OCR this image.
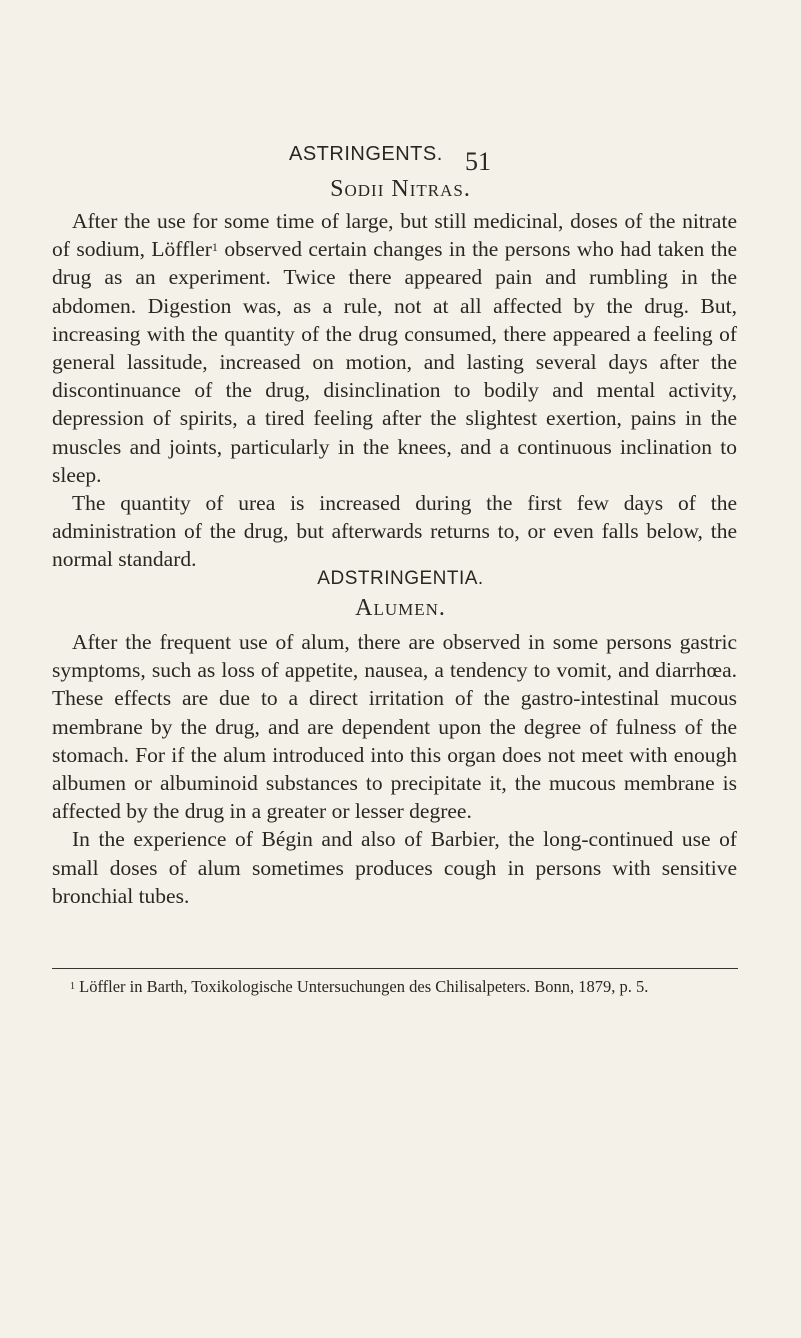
ASTRINGENTS. 51
Sodii Nitras.

After the use for some time of large, but still medicinal, doses of the nitrate of sodium, Löffler$^1$ observed certain changes in the persons who had taken the drug as an experiment. Twice there appeared pain and rumbling in the abdomen. Digestion was, as a rule, not at all affected by the drug. But, increasing with the quantity of the drug consumed, there appeared a feeling of general lassitude, increased on motion, and lasting several days after the discontinuance of the drug, disinclination to bodily and mental activity, depression of spirits, a tired feeling after the slightest exertion, pains in the muscles and joints, particularly in the knees, and a continuous inclination to sleep.

The quantity of urea is increased during the first few days of the administration of the drug, but afterwards returns to, or even falls below, the normal standard.

ADSTRINGENTIA.
Alumen.

After the frequent use of alum, there are observed in some persons gastric symptoms, such as loss of appetite, nausea, a tendency to vomit, and diarrhœa. These effects are due to a direct irritation of the gastro-intestinal mucous membrane by the drug, and are dependent upon the degree of fulness of the stomach. For if the alum introduced into this organ does not meet with enough albumen or albuminoid substances to precipitate it, the mucous membrane is affected by the drug in a greater or lesser degree.

In the experience of Bégin and also of Barbier, the long-continued use of small doses of alum sometimes produces cough in persons with sensitive bronchial tubes.

$^1$ Löffler in Barth, Toxikologische Untersuchungen des Chilisalpeters. Bonn, 1879, p. 5.
